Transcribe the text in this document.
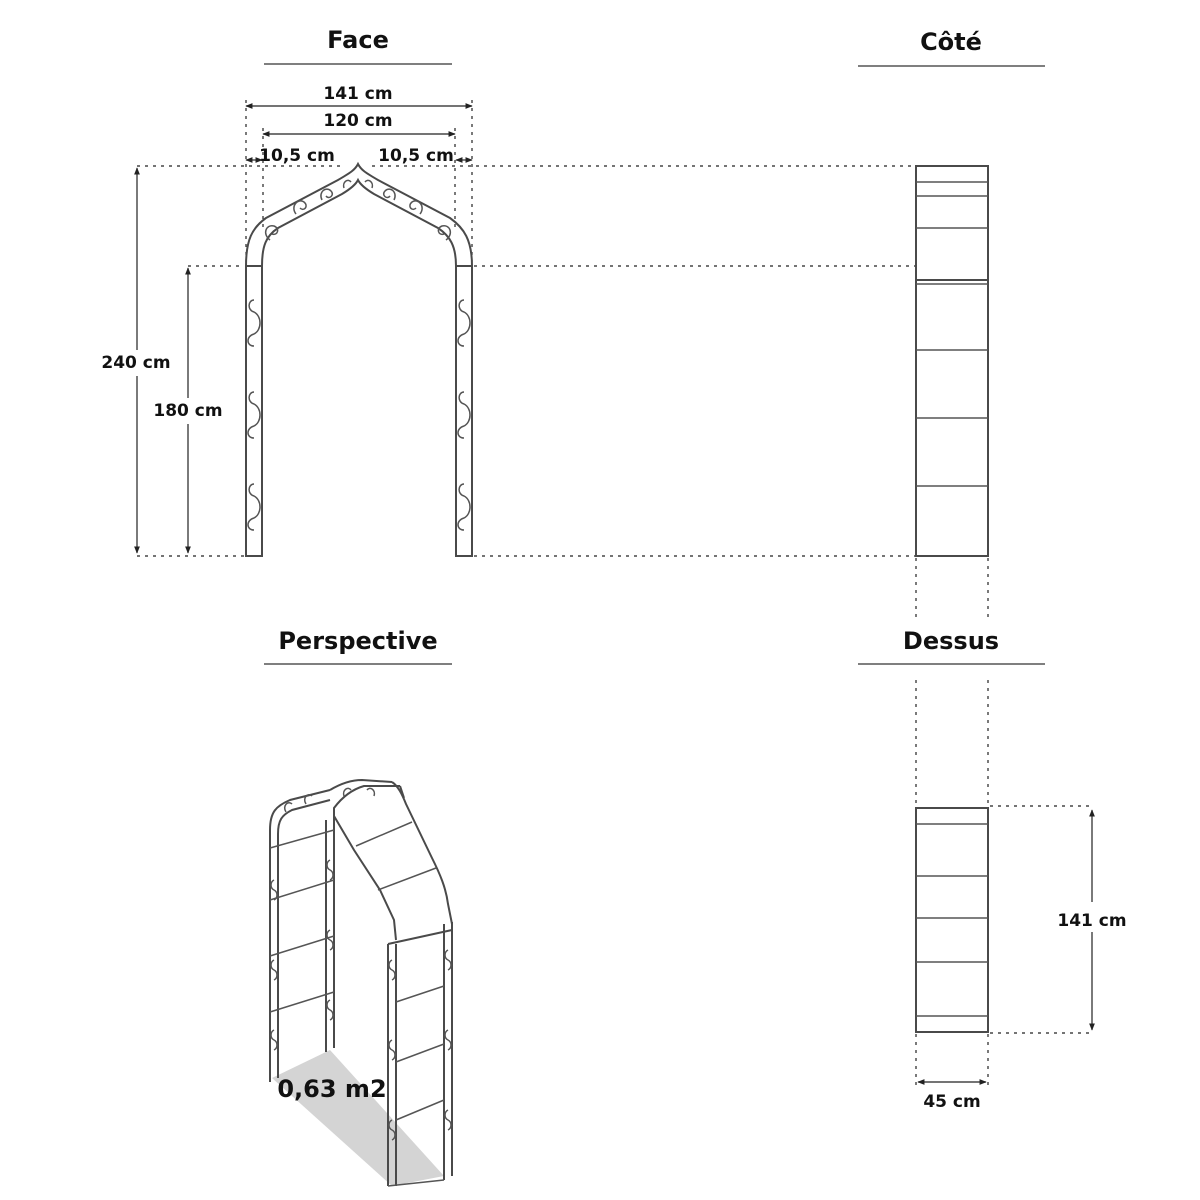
Face	Côté
Perspective	Dessus
141 cm
120 cm
10,5 cm	10,5 cm
240 cm
180 cm
141 cm
45 cm
0,63 m2
